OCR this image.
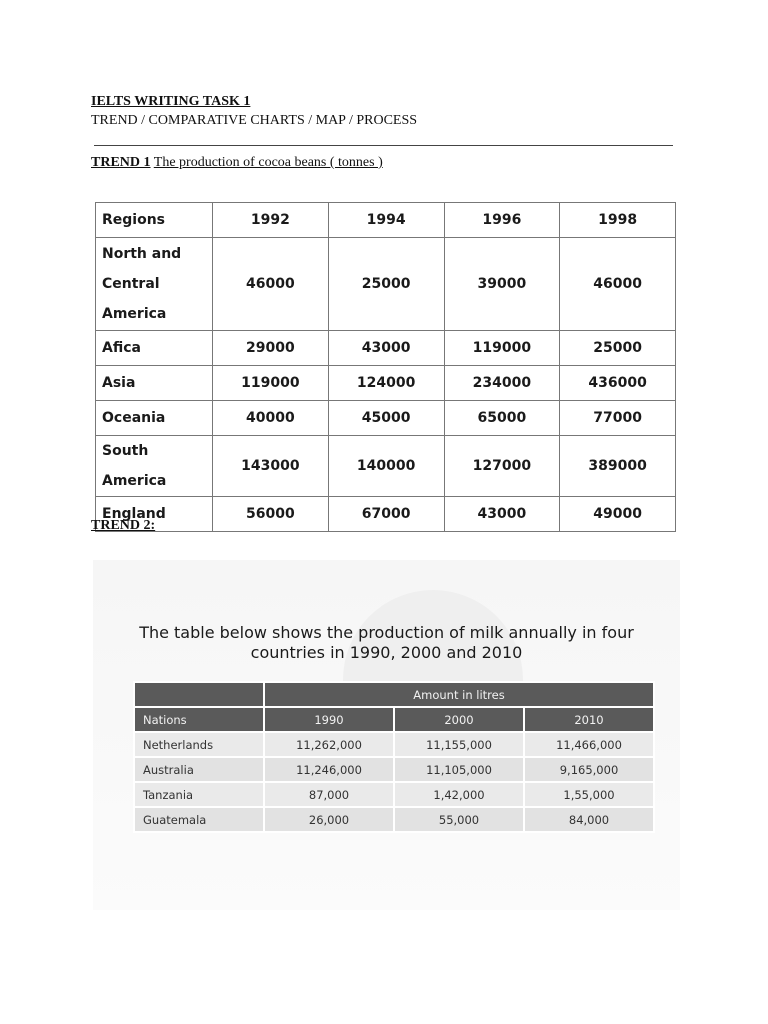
IELTS WRITING TASK 1
TREND / COMPARATIVE CHARTS / MAP / PROCESS
TREND 1 The production of cocoa beans ( tonnes )
Regions	1992	1994	1996	1998

North and
Central
America	46000	25000	39000	46000
Afica	29000	43000	119000	25000
Asia	119000	124000	234000	436000
Oceania	40000	45000	65000	77000
South America	143000	140000	127000	389000
England	56000	67000	43000	49000
TREND 2:
The table below shows the production of milk annually in four
countries in 1990, 2000 and 2010
	Amount in litres		
Nations	1990	2000	2010
Netherlands	11,262,000	11,155,000	11,466,000
Australia	11,246,000	11,105,000	9,165,000
Tanzania	87,000	1,42,000	1,55,000
Guatemala	26,000	55,000	84,000
